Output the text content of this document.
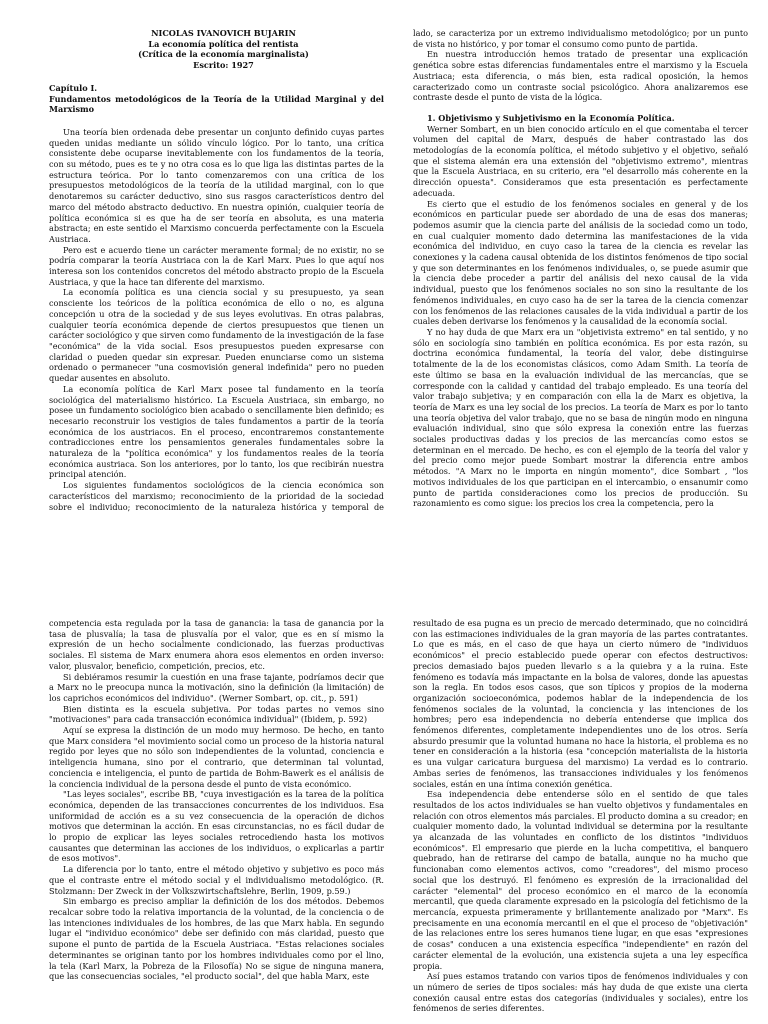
NICOLAS IVANOVICH BUJARIN

La economía política del rentista

(Crítica de la economía marginalista)

Escrito: 1927

Capítulo I.

Fundamentos metodológicos de la Teoría de la Utilidad Marginal y del Marxismo

Una teoría bien ordenada debe presentar un conjunto definido cuyas partes queden unidas mediante un sólido vínculo lógico. Por lo tanto, una crítica consistente debe ocuparse inevitablemente con los fundamentos de la teoría, con su método, pues es te y no otra cosa es lo que liga las distintas partes de la estructura teórica. Por lo tanto comenzaremos con una crítica de los presupuestos metodológicos de la teoría de la utilidad marginal, con lo que denotaremos su carácter deductivo, sino sus rasgos característicos dentro del marco del método abstracto deductivo. En nuestra opinión, cualquier teoría de política económica si es que ha de ser teoría en absoluta, es una materia abstracta; en este sentido el Marxismo concuerda perfectamente con la Escuela Austriaca.

Pero est e acuerdo tiene un carácter meramente formal; de no existir, no se podría comparar la teoría Austriaca con la de Karl Marx. Pues lo que aquí nos interesa son los contenidos concretos del método abstracto propio de la Escuela Austriaca, y que la hace tan diferente del marxismo.

La economía política es una ciencia social y su presupuesto, ya sean consciente los teóricos de la política económica de ello o no, es alguna concepción u otra de la sociedad y de sus leyes evolutivas. En otras palabras, cualquier teoría económica depende de ciertos presupuestos que tienen un carácter sociológico y que sirven como fundamento de la investigación de la fase "económica" de la vida social. Esos presupuestos pueden expresarse con claridad o pueden quedar sin expresar. Pueden enunciarse como un sistema ordenado o permanecer "una cosmovisión general indefinida" pero no pueden quedar ausentes en absoluto.

La economía política de Karl Marx posee tal fundamento en la teoría sociológica del materialismo histórico. La Escuela Austriaca, sin embargo, no posee un fundamento sociológico bien acabado o sencillamente bien definido; es necesario reconstruir los vestigios de tales fundamentos a partir de la teoría económica de los austriacos. En el proceso, encontraremos constantemente contradicciones entre los pensamientos generales fundamentales sobre la naturaleza de la "política económica" y los fundamentos reales de la teoría económica austriaca. Son los anteriores, por lo tanto, los que recibirán nuestra principal atención.

Los siguientes fundamentos sociológicos de la ciencia económica son característicos del marxismo; reconocimiento de la prioridad de la sociedad sobre el individuo; reconocimiento de la naturaleza histórica y temporal de

lado, se caracteriza por un extremo individualismo metodológico; por un punto de vista no histórico, y por tomar el consumo como punto de partida.

En nuestra introducción hemos tratado de presentar una explicación genética sobre estas diferencias fundamentales entre el marxismo y la Escuela Austriaca; esta diferencia, o más bien, esta radical oposición, la hemos caracterizado como un contraste social psicológico. Ahora analizaremos ese contraste desde el punto de vista de la lógica.

1. Objetivismo y Subjetivismo en la Economía Política.

Werner Sombart, en un bien conocido artículo en el que comentaba el tercer volumen del capital de Marx, después de haber contrastado las dos metodologías de la economía política, el método subjetivo y el objetivo, señaló que el sistema alemán era una extensión del "objetivismo extremo", mientras que la Escuela Austriaca, en su criterio, era "el desarrollo más coherente en la dirección opuesta". Consideramos que esta presentación es perfectamente adecuada.

Es cierto que el estudio de los fenómenos sociales en general y de los económicos en particular puede ser abordado de una de esas dos maneras; podemos asumir que la ciencia parte del análisis de la sociedad como un todo, en cual cualquier momento dado determina las manifestaciones de la vida económica del individuo, en cuyo caso la tarea de la ciencia es revelar las conexiones y la cadena causal obtenida de los distintos fenómenos de tipo social y que son determinantes en los fenómenos individuales, o, se puede asumir que la ciencia debe proceder a partir del análisis del nexo causal de la vida individual, puesto que los fenómenos sociales no son sino la resultante de los fenómenos individuales, en cuyo caso ha de ser la tarea de la ciencia comenzar con los fenómenos de las relaciones causales de la vida individual a partir de los cuales deben derivarse los fenómenos y la causalidad de la economía social.

Y no hay duda de que Marx era un "objetivista extremo" en tal sentido, y no sólo en sociología sino también en política económica. Es por esta razón, su doctrina económica fundamental, la teoría del valor, debe distinguirse totalmente de la de los economistas clásicos, como Adam Smith. La teoría de este último se basa en la evaluación individual de las mercancías, que se corresponde con la calidad y cantidad del trabajo empleado. Es una teoría del valor trabajo subjetiva; y en comparación con ella la de Marx es objetiva, la teoría de Marx es una ley social de los precios. La teoría de Marx es por lo tanto una teoría objetiva del valor trabajo, que no se basa de ningún modo en ninguna evaluación individual, sino que sólo expresa la conexión entre las fuerzas sociales productivas dadas y los precios de las mercancías como estos se determinan en el mercado. De hecho, es con el ejemplo de la teoría del valor y del precio como mejor puede Sombart mostrar la diferencia entre ambos métodos. "A Marx no le importa en ningún momento", dice Sombart , "los motivos individuales de los que participan en el intercambio, o ensanumir como punto de partida consideraciones como los precios de producción. Su razonamiento es como sigue: los precios los crea la competencia, pero la

competencia esta regulada por la tasa de ganancia: la tasa de ganancia por la tasa de plusvalía; la tasa de plusvalía por el valor, que es en sí mismo la expresión de un hecho socialmente condicionado, las fuerzas productivas sociales. El sistema de Marx enumera ahora esos elementos en orden inverso: valor, plusvalor, beneficio, competición, precios, etc.

Si debiéramos resumir la cuestión en una frase tajante, podríamos decir que a Marx no le preocupa nunca la motivación, sino la definición (la limitación) de los caprichos económicos del individuo". (Werner Sombart, op. cit., p. 591)

Bien distinta es la escuela subjetiva. Por todas partes no vemos sino "motivaciones" para cada transacción económica individual" (Ibidem, p. 592)

Aquí se expresa la distinción de un modo muy hermoso. De hecho, en tanto que Marx considera "el movimiento social como un proceso de la historia natural regido por leyes que no sólo son independientes de la voluntad, conciencia e inteligencia humana, sino por el contrario, que determinan tal voluntad, conciencia e inteligencia, el punto de partida de Bohm-Bawerk es el análisis de la conciencia individual de la persona desde el punto de vista económico.

"Las leyes sociales", escribe BB, "cuya investigación es la tarea de la política económica, dependen de las transacciones concurrentes de los individuos. Esa uniformidad de acción es a su vez consecuencia de la operación de dichos motivos que determinan la acción. En esas circunstancias, no es fácil dudar de lo propio de explicar las leyes sociales retrocediendo hasta los motivos causantes que determinan las acciones de los individuos, o explicarlas a partir de esos motivos".

La diferencia por lo tanto, entre el método objetivo y subjetivo es poco más que el contraste entre el método social y el individualismo metodológico. (R. Stolzmann: Der Zweck in der Volkszwirtschaftslehre, Berlin, 1909, p.59.)

Sin embargo es preciso ampliar la definición de los dos métodos. Debemos recalcar sobre todo la relativa importancia de la voluntad, de la conciencia o de las intenciones individuales de los hombres, de las que Marx habla. En segundo lugar el "individuo económico" debe ser definido con más claridad, puesto que supone el punto de partida de la Escuela Austriaca. "Estas relaciones sociales determinantes se originan tanto por los hombres individuales como por el lino, la tela (Karl Marx, la Pobreza de la Filosofía) No se sigue de ninguna manera, que las consecuencias sociales, "el producto social", del que habla Marx, este

resultado de esa pugna es un precio de mercado determinado, que no coincidirá con las estimaciones individuales de la gran mayoría de las partes contratantes. Lo que es más, en el caso de que haya un cierto número de "individuos económicos" el precio establecido puede operar con efectos destructivos: precios demasiado bajos pueden llevarlo s a la quiebra y a la ruina. Este fenómeno es todavía más impactante en la bolsa de valores, donde las apuestas son la regla. En todos esos casos, que son típicos y propios de la moderna organización socioeconómica, podemos hablar de la independencia de los fenómenos sociales de la voluntad, la conciencia y las intenciones de los hombres; pero esa independencia no debería entenderse que implica dos fenómenos diferentes, completamente independientes uno de los otros. Sería absurdo presumir que la voluntad humana no hace la historia, el problema es no tener en consideración a la historia (esa "concepción materialista de la historia es una vulgar caricatura burguesa del marxismo) La verdad es lo contrario. Ambas series de fenómenos, las transacciones individuales y los fenómenos sociales, están en una íntima conexión genética.

Esa independencia debe entenderse sólo en el sentido de que tales resultados de los actos individuales se han vuelto objetivos y fundamentales en relación con otros elementos más parciales. El producto domina a su creador; en cualquier momento dado, la voluntad individual se determina por la resultante ya alcanzada de las voluntades en conflicto de los distintos "individuos económicos". El empresario que pierde en la lucha competitiva, el banquero quebrado, han de retirarse del campo de batalla, aunque no ha mucho que funcionaban como elementos activos, como "creadores", del mismo proceso social que los destruyó. El fenómeno es expresión de la irracionalidad del carácter "elemental" del proceso económico en el marco de la economía mercantil, que queda claramente expresado en la psicología del fetichismo de la mercancía, expuesta primeramente y brillantemente analizado por "Marx". Es precisamente en una economía mercantil en el que el proceso de "objetivación" de las relaciones entre los seres humanos tiene lugar, en que esas "expresiones de cosas" conducen a una existencia específica "independiente" en razón del carácter elemental de la evolución, una existencia sujeta a una ley específica propia.

Así pues estamos tratando con varios tipos de fenómenos individuales y con un número de series de tipos sociales: más hay duda de que existe una cierta conexión causal entre estas dos categorías (individuales y sociales), entre los fenómenos de series diferentes.
